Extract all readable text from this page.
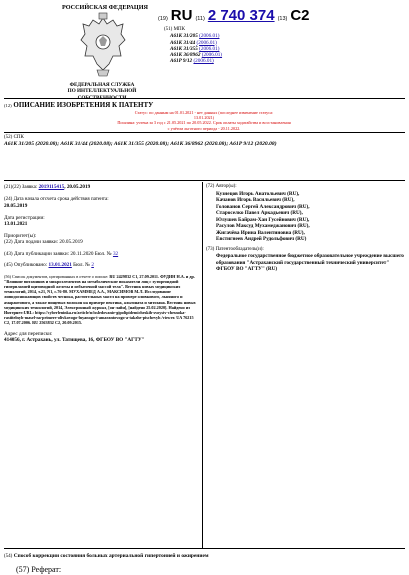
РОССИЙСКАЯ ФЕДЕРАЦИЯ
ФЕДЕРАЛЬНАЯ СЛУЖБА
ПО ИНТЕЛЛЕКТУАЛЬНОЙ СОБСТВЕННОСТИ
(19) RU (11) 2 740 374 (13) C2
(51) МПК
A61K 31/205 (2006.01)
A61K 31/44 (2006.01)
A61K 31/355 (2006.01)
A61K 36/8962 (2006.01)
A61P 9/12 (2006.01)
(12) ОПИСАНИЕ ИЗОБРЕТЕНИЯ К ПАТЕНТУ
Статус: по данным на 01.01.2021 - нет данных (последнее изменение статуса:
13.01.2021)
Пошлина: учтена за 3 год с 21.05.2021 по 20.05.2022. Срок оплаты ходатайства и восстановления
с учётом льготного периода - 20.11.2022.
(52) СПК
A61K 31/205 (2020.08); A61K 31/44 (2020.08); A61K 31/355 (2020.08); A61K 36/8962 (2020.08); A61P 9/12 (2020.08)
(21)(22) Заявка: 2019115415, 20.05.2019
(24) Дата начала отсчета срока действия патента:
20.05.2019
Дата регистрации:
13.01.2021
Приоритет(ы):
(22) Дата подачи заявки: 20.05.2019
(43) Дата публикации заявки: 20.11.2020 Бюл. № 32
(45) Опубликовано: 13.01.2021 Бюл. № 2
(56) Список документов, цитированных в отчете о поиске: RU 2429832 C1, 27.09.2011. ФУДИН Н.А. и др. "Влияние витаминов и микроэлементов на метаболические показатели лиц с эутиреоидной гиперплазией щитовидной железы и избыточной массой тела". Вестник новых медицинских технологий, 2014, т.21, N1, с.76-80. МУХАММЕД А.А., МАКСИМОВ М.Л. Исследование липидоснижающих свойств чеснока, растительных масел на примере оливкового, льняного и амарантового, а также пищевых волокон на примере пектина, альгината и хитозана. Вестник новых медицинских технологий, 2014, Электронный журнал, [он-лайн], [найдено 25.02.2020]. Найдено из Интернет:URL: https://cyberleninka.ru/article/n/issledovanie-gipolipidemicheskih-svoystv-chesnoka-rastitelnyh-masel-na-primere-olivkovogo-lnyanogo-i-amarantovogo-a-takzhe-pischevyh /viewer. UA 76215 C2, 17.07.2006. RU 2563832 C2, 20.09.2015.
Адрес для переписки:
414056, г. Астрахань, ул. Татищева, 16, ФГБОУ ВО "АГТУ"
(72) Автор(ы):
Кузнецов Игорь Анатольевич (RU),
Качанов Игорь Васильевич (RU),
Голованов Сергей Александрович (RU),
Староселко Павел Аркадьевич (RU),
Юлушев Байрам-Хан Гусейнович (RU),
Расулов Максуд Мухамеджанович (RU),
Жигачёва Ирина Валентиновна (RU),
Евстигнеев Андрей Рудольфович (RU)
(73) Патентообладатель(и):
Федеральное государственное бюджетное образовательное учреждение высшего образования "Астраханский государственный технический университет" ФГБОУ ВО "АГТУ" (RU)
(54) Способ коррекции состояния больных артериальной гипертонией и ожирением
(57) Реферат:
